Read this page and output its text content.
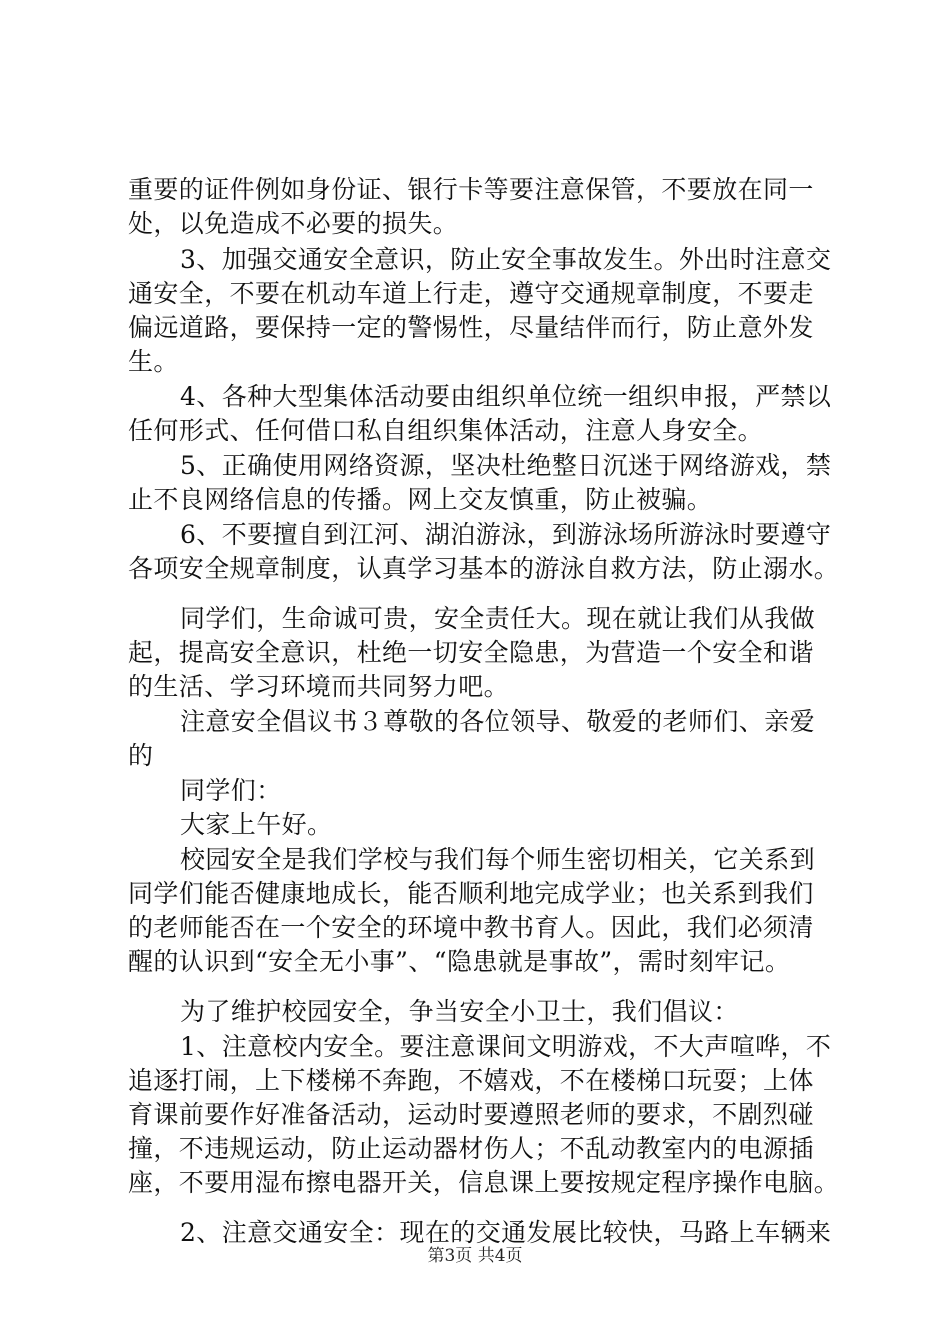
重要的证件例如身份证、银行卡等要注意保管，不要放在同一
处，以免造成不必要的损失。
3、加强交通安全意识，防止安全事故发生。外出时注意交
通安全，不要在机动车道上行走，遵守交通规章制度，不要走
偏远道路，要保持一定的警惕性，尽量结伴而行，防止意外发
生。
4、各种大型集体活动要由组织单位统一组织申报，严禁以
任何形式、任何借口私自组织集体活动，注意人身安全。
5、正确使用网络资源，坚决杜绝整日沉迷于网络游戏，禁
止不良网络信息的传播。网上交友慎重，防止被骗。
6、不要擅自到江河、湖泊游泳，到游泳场所游泳时要遵守
各项安全规章制度，认真学习基本的游泳自救方法，防止溺水。
同学们，生命诚可贵，安全责任大。现在就让我们从我做
起，提高安全意识，杜绝一切安全隐患，为营造一个安全和谐
的生活、学习环境而共同努力吧。
注意安全倡议书３尊敬的各位领导、敬爱的老师们、亲爱
的
同学们：
大家上午好。
校园安全是我们学校与我们每个师生密切相关，它关系到
同学们能否健康地成长，能否顺利地完成学业；也关系到我们
的老师能否在一个安全的环境中教书育人。因此，我们必须清
醒的认识到“安全无小事”、“隐患就是事故”，需时刻牢记。
为了维护校园安全，争当安全小卫士，我们倡议：
1、注意校内安全。要注意课间文明游戏，不大声喧哗，不
追逐打闹，上下楼梯不奔跑，不嬉戏，不在楼梯口玩耍；上体
育课前要作好准备活动，运动时要遵照老师的要求，不剧烈碰
撞，不违规运动，防止运动器材伤人；不乱动教室内的电源插
座，不要用湿布擦电器开关，信息课上要按规定程序操作电脑。
2、注意交通安全：现在的交通发展比较快，马路上车辆来
第3页 共4页
